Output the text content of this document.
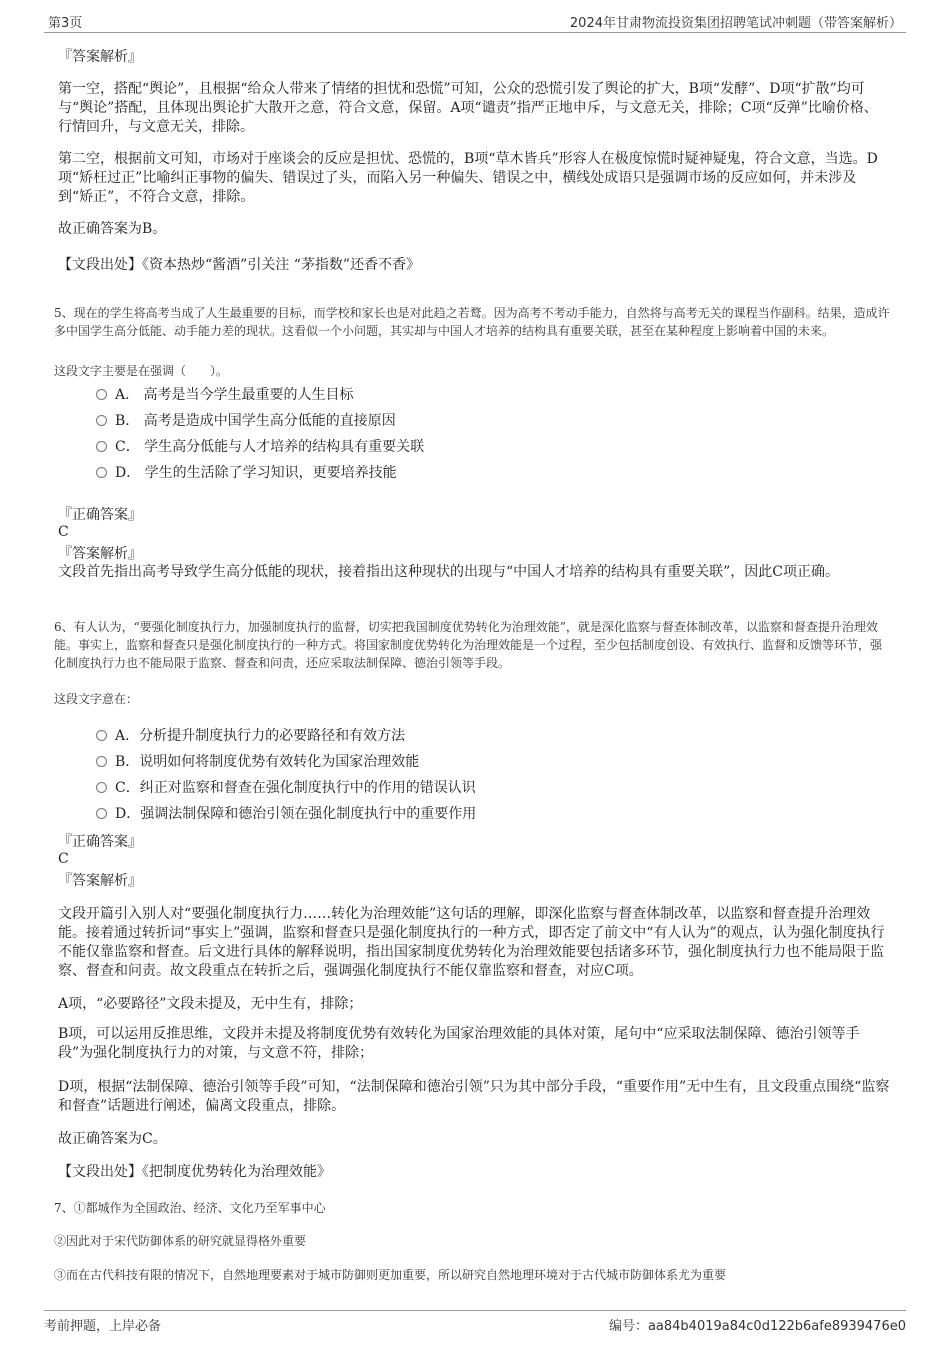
第3页	2024年甘肃物流投资集团招聘笔试冲刺题（带答案解析）
『答案解析』
第一空，搭配“舆论”，且根据“给众人带来了情绪的担忧和恐慌”可知，公众的恐慌引发了舆论的扩大，B项“发酵”、D项“扩散”均可与“舆论”搭配，且体现出舆论扩大散开之意，符合文意，保留。A项“谴责”指严正地申斥，与文意无关，排除；C项“反弹”比喻价格、行情回升，与文意无关，排除。
第二空，根据前文可知，市场对于座谈会的反应是担忧、恐慌的，B项“草木皆兵”形容人在极度惊慌时疑神疑鬼，符合文意，当选。D项“矫枉过正”比喻纠正事物的偏失、错误过了头，而陷入另一种偏失、错误之中，横线处成语只是强调市场的反应如何，并未涉及到“矫正”，不符合文意，排除。
故正确答案为B。
【文段出处】《资本热炒“酱酒”引关注 “茅指数”还香不香》
5、现在的学生将高考当成了人生最重要的目标，而学校和家长也是对此趋之若鹜。因为高考不考动手能力，自然将与高考无关的课程当作副科。结果，造成许多中国学生高分低能、动手能力差的现状。这看似一个小问题，其实却与中国人才培养的结构具有重要关联，甚至在某种程度上影响着中国的未来。
这段文字主要是在强调（　　）。
A． 高考是当今学生最重要的人生目标
B． 高考是造成中国学生高分低能的直接原因
C． 学生高分低能与人才培养的结构具有重要关联
D． 学生的生活除了学习知识，更要培养技能
『正确答案』
C
『答案解析』
文段首先指出高考导致学生高分低能的现状，接着指出这种现状的出现与“中国人才培养的结构具有重要关联”，因此C项正确。
6、有人认为，“要强化制度执行力，加强制度执行的监督，切实把我国制度优势转化为治理效能”，就是深化监察与督查体制改革，以监察和督查提升治理效能。事实上，监察和督查只是强化制度执行的一种方式。将国家制度优势转化为治理效能是一个过程，至少包括制度创设、有效执行、监督和反馈等环节，强化制度执行力也不能局限于监察、督查和问责，还应采取法制保障、德治引领等手段。
这段文字意在：
A．分析提升制度执行力的必要路径和有效方法
B．说明如何将制度优势有效转化为国家治理效能
C．纠正对监察和督查在强化制度执行中的作用的错误认识
D．强调法制保障和德治引领在强化制度执行中的重要作用
『正确答案』
C
『答案解析』
文段开篇引入别人对“要强化制度执行力……转化为治理效能”这句话的理解，即深化监察与督查体制改革，以监察和督查提升治理效能。接着通过转折词“事实上”强调，监察和督查只是强化制度执行的一种方式，即否定了前文中“有人认为”的观点，认为强化制度执行不能仅靠监察和督查。后文进行具体的解释说明，指出国家制度优势转化为治理效能要包括诸多环节，强化制度执行力也不能局限于监察、督查和问责。故文段重点在转折之后，强调强化制度执行不能仅靠监察和督查，对应C项。
A项，“必要路径”文段未提及，无中生有，排除；
B项，可以运用反推思维，文段并未提及将制度优势有效转化为国家治理效能的具体对策，尾句中“应采取法制保障、德治引领等手段”为强化制度执行力的对策，与文意不符，排除；
D项，根据“法制保障、德治引领等手段”可知，“法制保障和德治引领”只为其中部分手段，“重要作用”无中生有，且文段重点围绕“监察和督查”话题进行阐述，偏离文段重点，排除。
故正确答案为C。
【文段出处】《把制度优势转化为治理效能》
7、①都城作为全国政治、经济、文化乃至军事中心
②因此对于宋代防御体系的研究就显得格外重要
③而在古代科技有限的情况下，自然地理要素对于城市防御则更加重要，所以研究自然地理环境对于古代城市防御体系尤为重要
考前押题，上岸必备	编号：aa84b4019a84c0d122b6afe8939476e0
